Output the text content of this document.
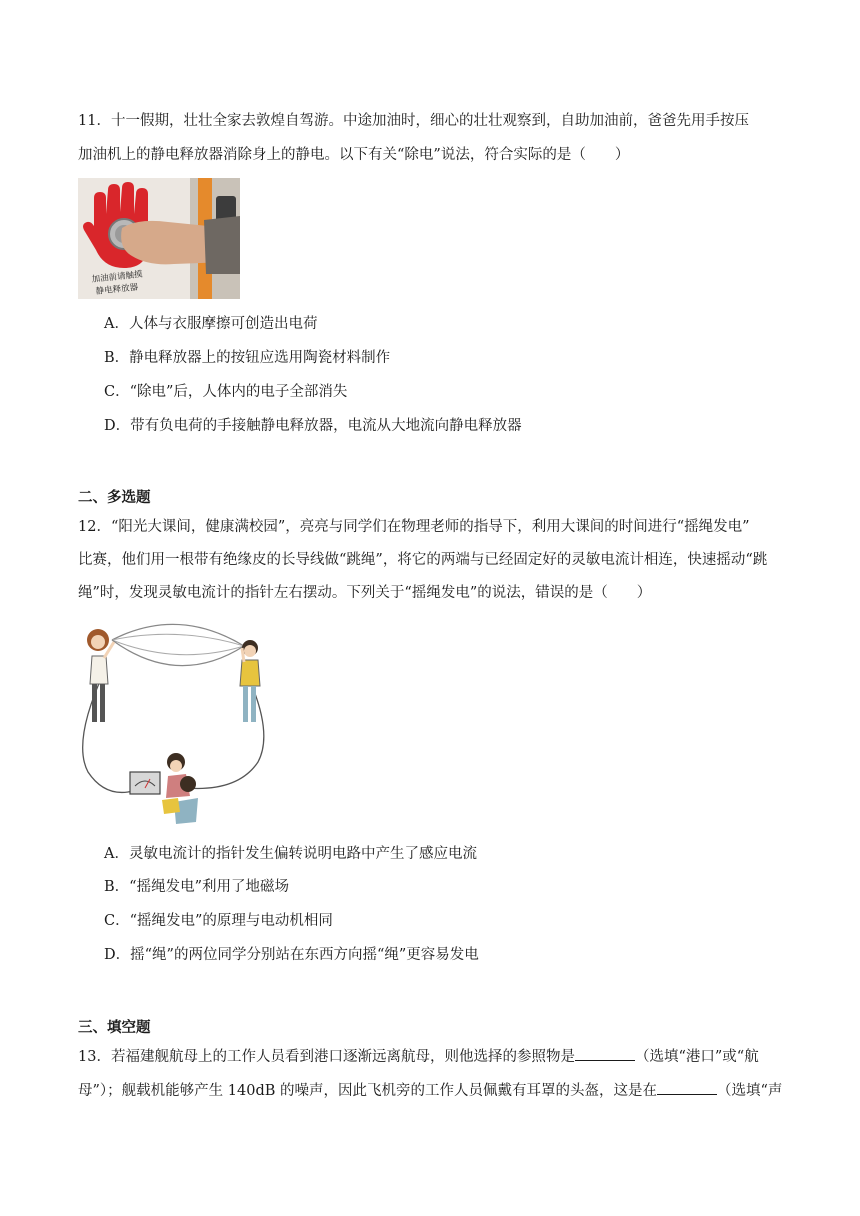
11．十一假期，壮壮全家去敦煌自驾游。中途加油时，细心的壮壮观察到，自助加油前，爸爸先用手按压
加油机上的静电释放器消除身上的静电。以下有关“除电”说法，符合实际的是（　　）
加油前请触摸
静电释放器
A．人体与衣服摩擦可创造出电荷
B．静电释放器上的按钮应选用陶瓷材料制作
C．“除电”后，人体内的电子全部消失
D．带有负电荷的手接触静电释放器，电流从大地流向静电释放器
二、多选题
12．“阳光大课间，健康满校园”，亮亮与同学们在物理老师的指导下，利用大课间的时间进行“摇绳发电”
比赛，他们用一根带有绝缘皮的长导线做“跳绳”，将它的两端与已经固定好的灵敏电流计相连，快速摇动“跳
绳”时，发现灵敏电流计的指针左右摆动。下列关于“摇绳发电”的说法，错误的是（　　）
A．灵敏电流计的指针发生偏转说明电路中产生了感应电流
B．“摇绳发电”利用了地磁场
C．“摇绳发电”的原理与电动机相同
D．摇“绳”的两位同学分别站在东西方向摇“绳”更容易发电
三、填空题
13．若福建舰航母上的工作人员看到港口逐渐远离航母，则他选择的参照物是	（选填“港口”或“航
母”）；舰载机能够产生 140dB 的噪声，因此飞机旁的工作人员佩戴有耳罩的头盔，这是在	（选填“声
